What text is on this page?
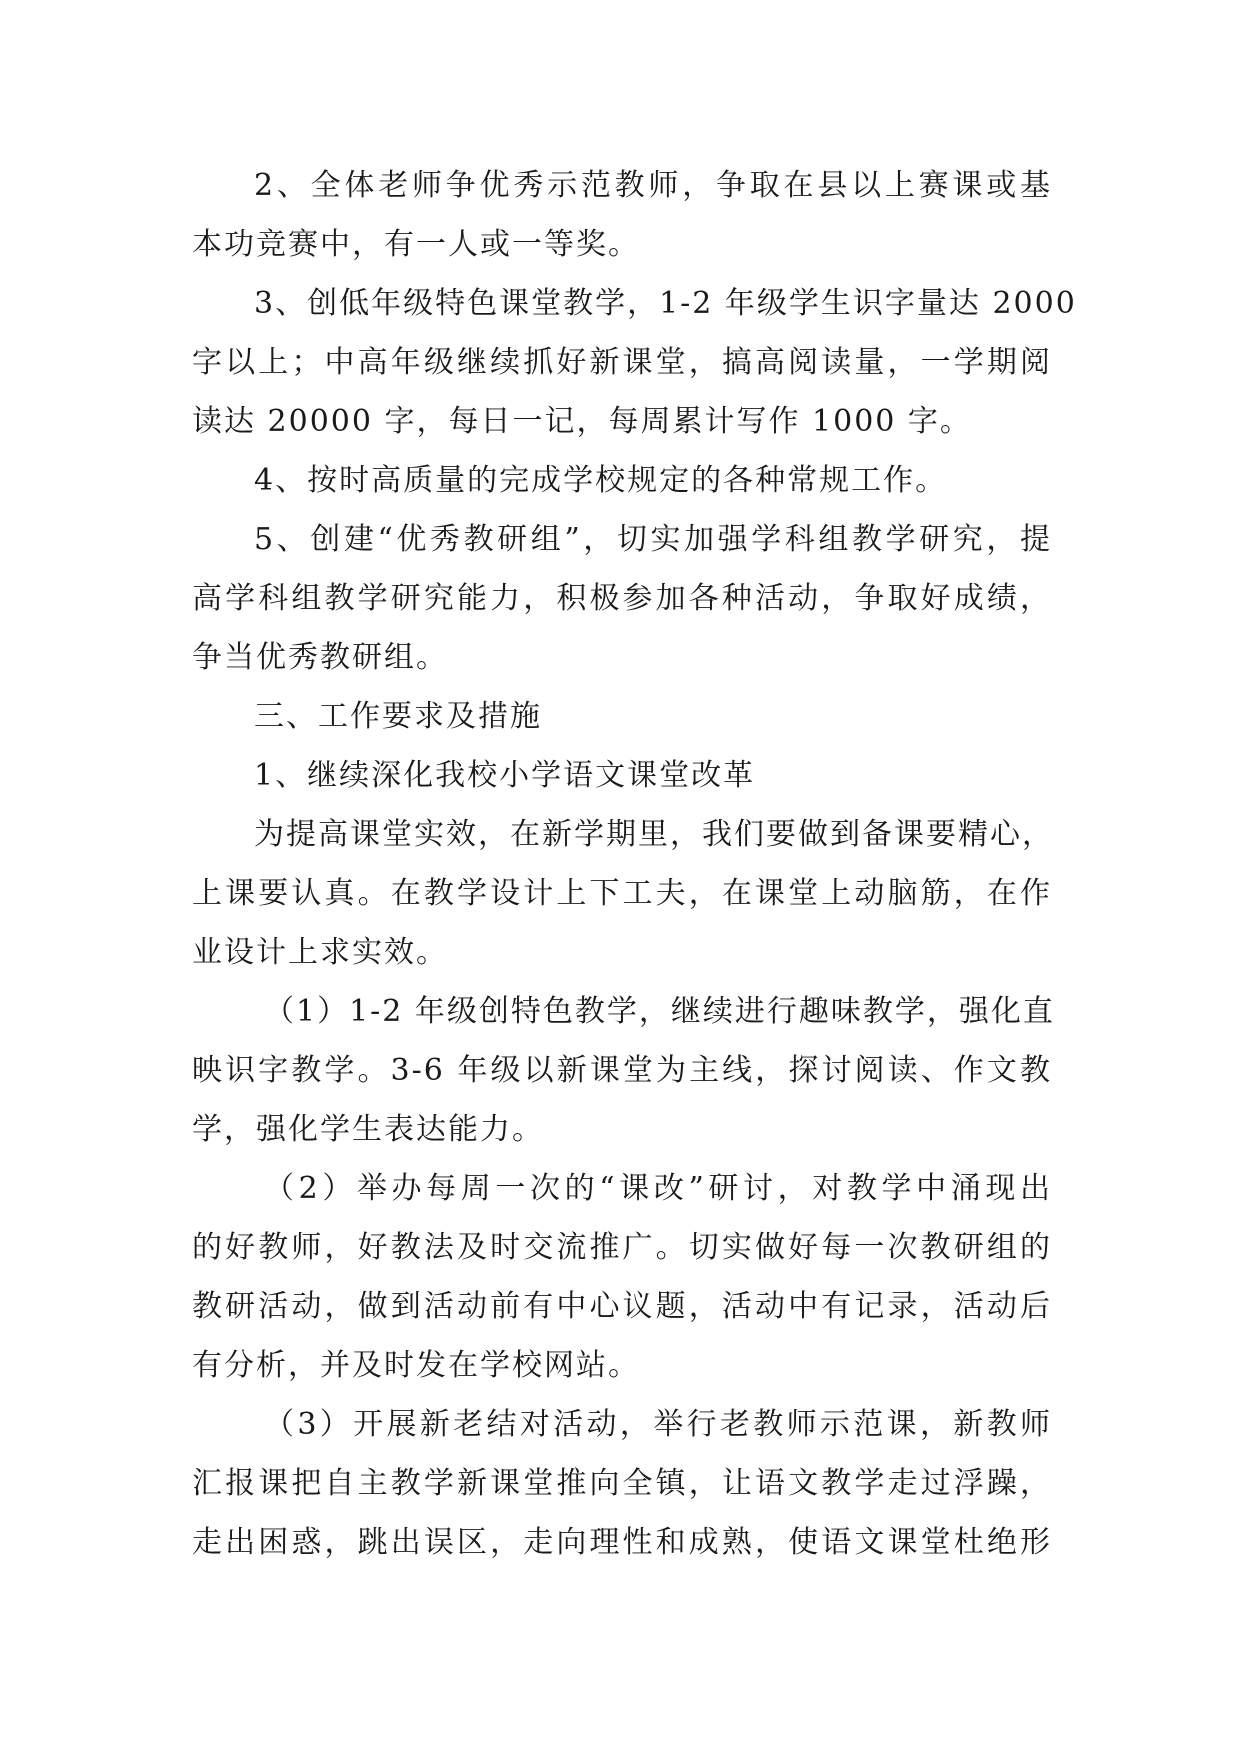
2、全体老师争优秀示范教师，争取在县以上赛课或基
本功竞赛中，有一人或一等奖。
3、创低年级特色课堂教学，1-2 年级学生识字量达 2000
字以上；中高年级继续抓好新课堂，搞高阅读量，一学期阅
读达 20000 字，每日一记，每周累计写作 1000 字。
4、按时高质量的完成学校规定的各种常规工作。
5、创建“优秀教研组”，切实加强学科组教学研究，提
高学科组教学研究能力，积极参加各种活动，争取好成绩，
争当优秀教研组。
三、工作要求及措施
1、继续深化我校小学语文课堂改革
为提高课堂实效，在新学期里，我们要做到备课要精心，
上课要认真。在教学设计上下工夫，在课堂上动脑筋，在作
业设计上求实效。
（1）1-2 年级创特色教学，继续进行趣味教学，强化直
映识字教学。3-6 年级以新课堂为主线，探讨阅读、作文教
学，强化学生表达能力。
（2）举办每周一次的“课改”研讨，对教学中涌现出
的好教师，好教法及时交流推广。切实做好每一次教研组的
教研活动，做到活动前有中心议题，活动中有记录，活动后
有分析，并及时发在学校网站。
（3）开展新老结对活动，举行老教师示范课，新教师
汇报课把自主教学新课堂推向全镇，让语文教学走过浮躁，
走出困惑，跳出误区，走向理性和成熟，使语文课堂杜绝形
